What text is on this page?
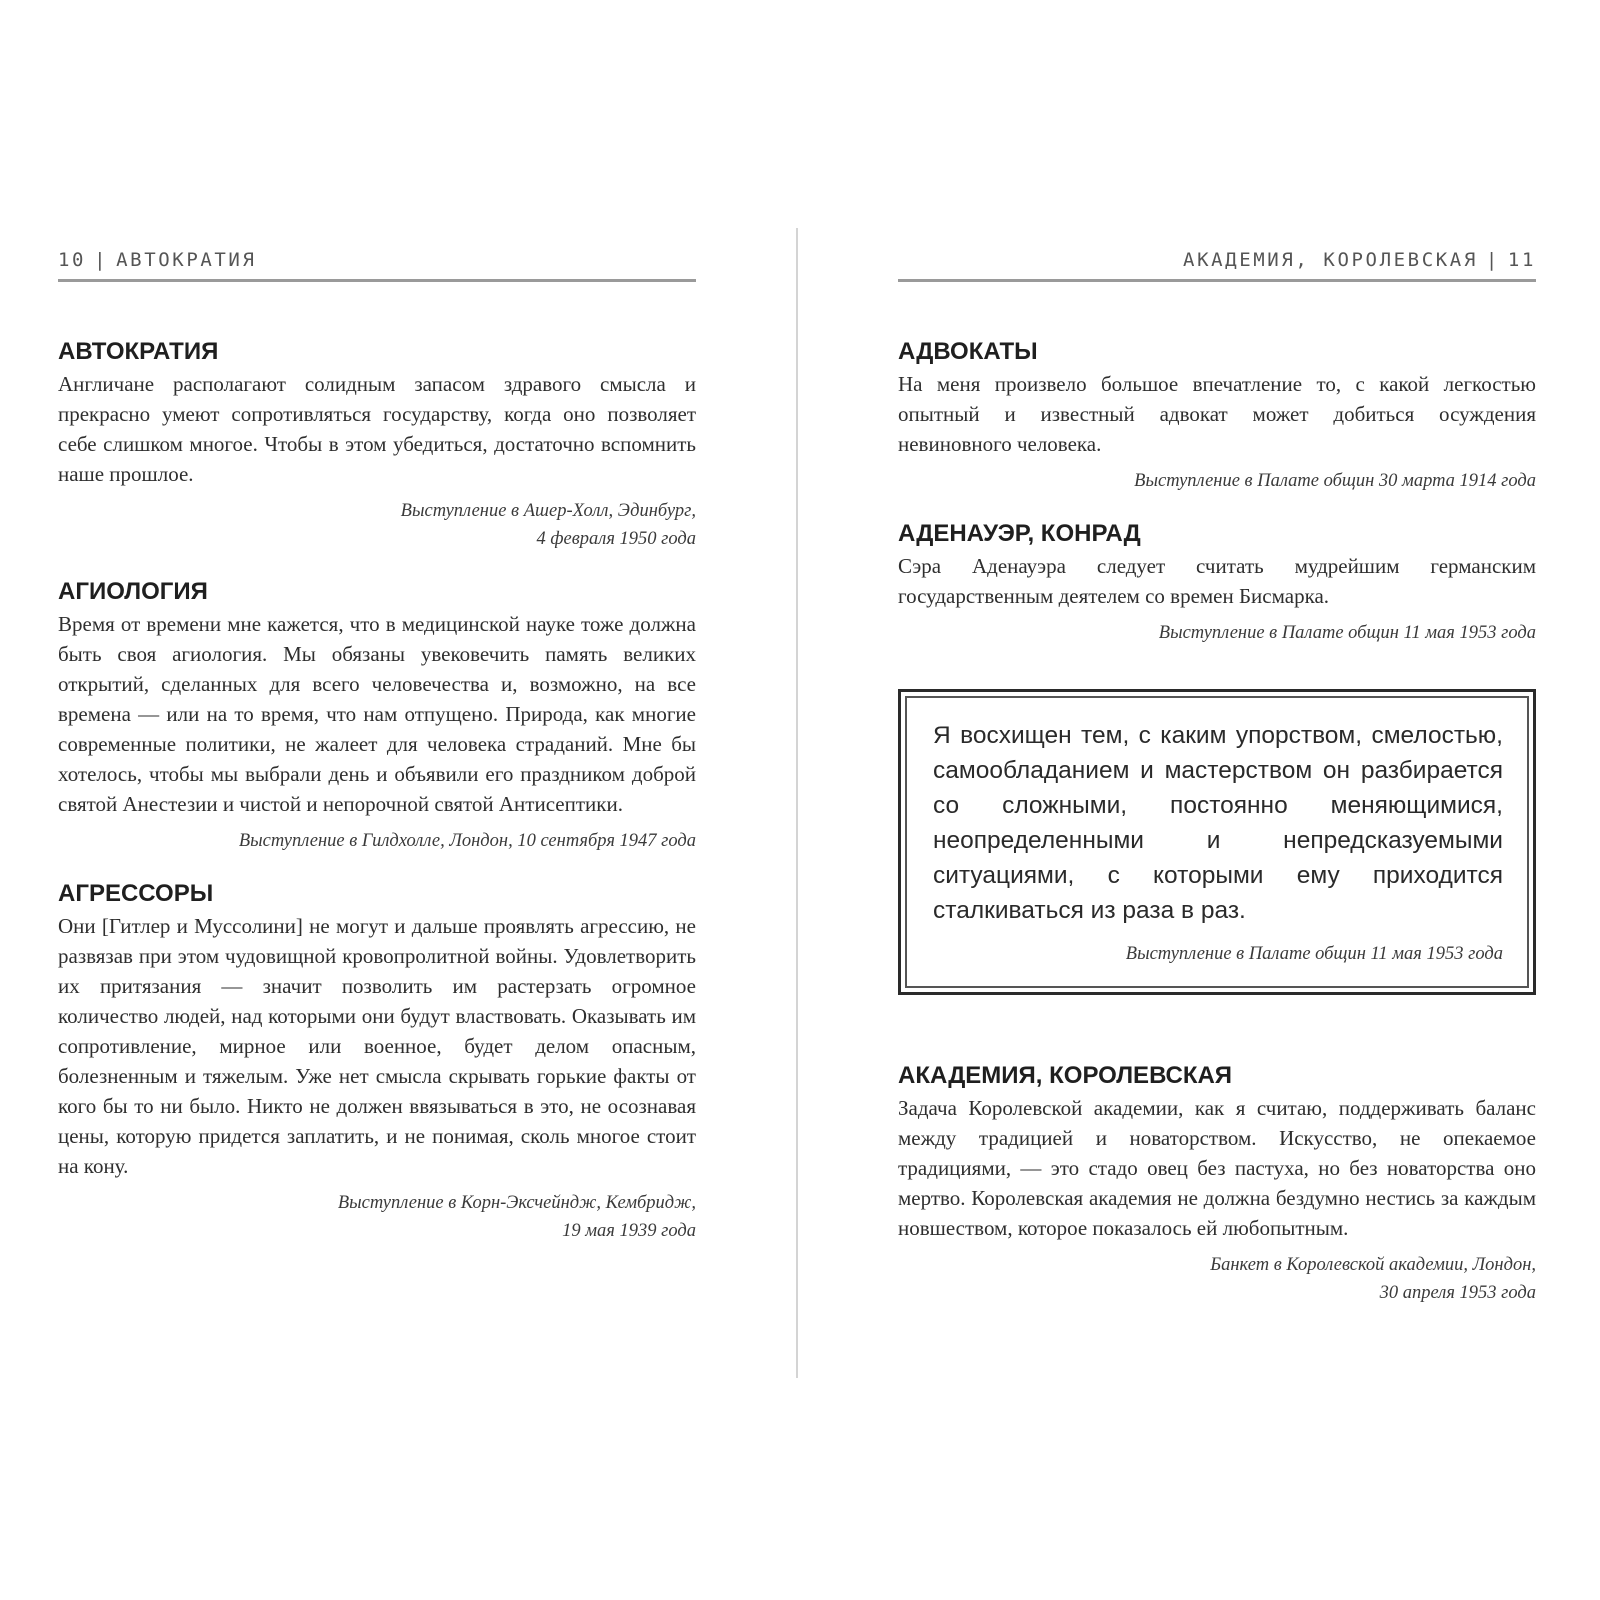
10 | АВТОКРАТИЯ
АВТОКРАТИЯ

Англичане располагают солидным запасом здравого смысла и прекрасно умеют сопротивляться государству, когда оно позволяет себе слишком многое. Чтобы в этом убедиться, достаточно вспомнить наше прошлое.

Выступление в Ашер-Холл, Эдинбург,
4 февраля 1950 года

АГИОЛОГИЯ

Время от времени мне кажется, что в медицинской науке тоже должна быть своя агиология. Мы обязаны увековечить память великих открытий, сделанных для всего человечества и, возможно, на все времена — или на то время, что нам отпущено. Природа, как многие современные политики, не жалеет для человека страданий. Мне бы хотелось, чтобы мы выбрали день и объявили его праздником доброй святой Анестезии и чистой и непорочной святой Антисептики.

Выступление в Гилдхолле, Лондон, 10 сентября 1947 года

АГРЕССОРЫ

Они [Гитлер и Муссолини] не могут и дальше проявлять агрессию, не развязав при этом чудовищной кровопролитной войны. Удовлетворить их притязания — значит позволить им растерзать огромное количество людей, над которыми они будут властвовать. Оказывать им сопротивление, мирное или военное, будет делом опасным, болезненным и тяжелым. Уже нет смысла скрывать горькие факты от кого бы то ни было. Никто не должен ввязываться в это, не осознавая цены, которую придется заплатить, и не понимая, сколь многое стоит на кону.

Выступление в Корн-Эксчейндж, Кембридж,
19 мая 1939 года

АКАДЕМИЯ, КОРОЛЕВСКАЯ | 11
АДВОКАТЫ

На меня произвело большое впечатление то, с какой легкостью опытный и известный адвокат может добиться осуждения невиновного человека.

Выступление в Палате общин 30 марта 1914 года

АДЕНАУЭР, КОНРАД

Сэра Аденауэра следует считать мудрейшим германским государственным деятелем со времен Бисмарка.

Выступление в Палате общин 11 мая 1953 года

Я восхищен тем, с каким упорством, смелостью, самообладанием и мастерством он разбирается со сложными, постоянно меняющимися, неопределенными и непредсказуемыми ситуациями, с которыми ему приходится сталкиваться из раза в раз.

Выступление в Палате общин 11 мая 1953 года

АКАДЕМИЯ, КОРОЛЕВСКАЯ

Задача Королевской академии, как я считаю, поддерживать баланс между традицией и новаторством. Искусство, не опекаемое традициями, — это стадо овец без пастуха, но без новаторства оно мертво. Королевская академия не должна бездумно нестись за каждым новшеством, которое показалось ей любопытным.

Банкет в Королевской академии, Лондон,
30 апреля 1953 года
